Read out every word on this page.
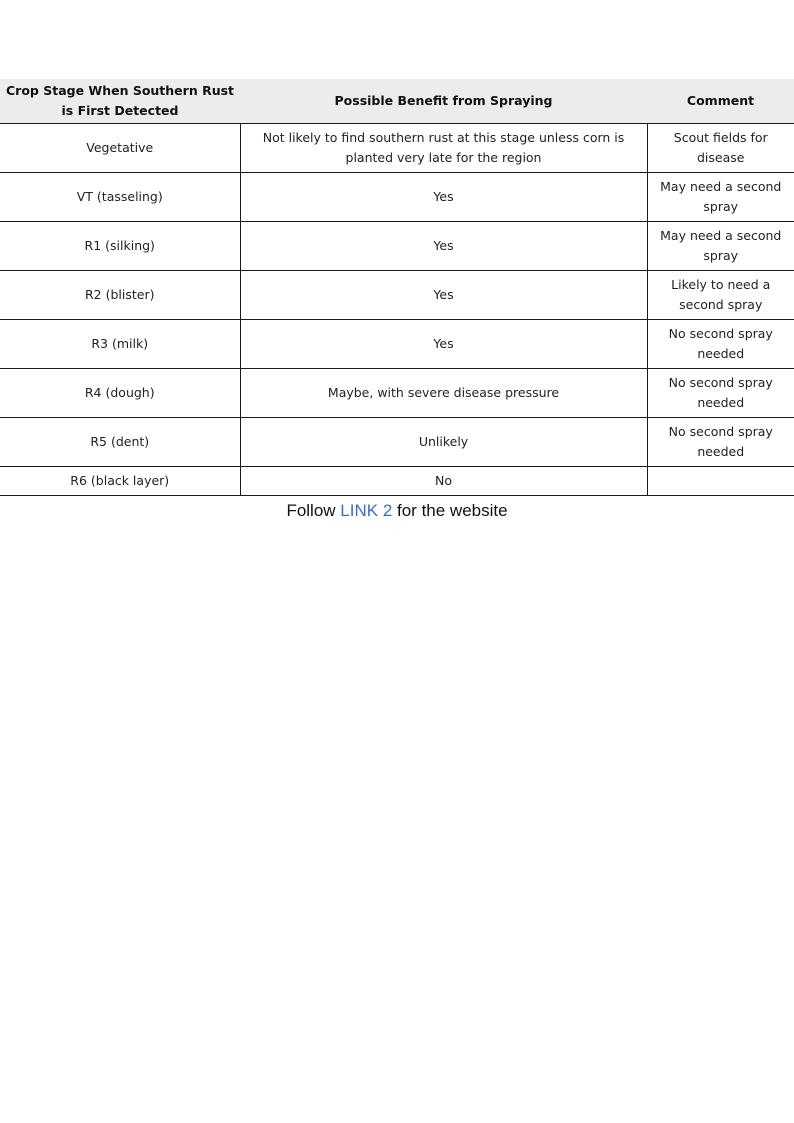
Crop Stage When Southern Rust is First Detected	Possible Benefit from Spraying	Comment
Vegetative	Not likely to find southern rust at this stage unless corn is planted very late for the region	Scout fields for disease
VT (tasseling)	Yes	May need a second spray
R1 (silking)	Yes	May need a second spray
R2 (blister)	Yes	Likely to need a second spray
R3 (milk)	Yes	No second spray needed
R4 (dough)	Maybe, with severe disease pressure	No second spray needed
R5 (dent)	Unlikely	No second spray needed
R6 (black layer)	No	
Follow LINK 2 for the website
